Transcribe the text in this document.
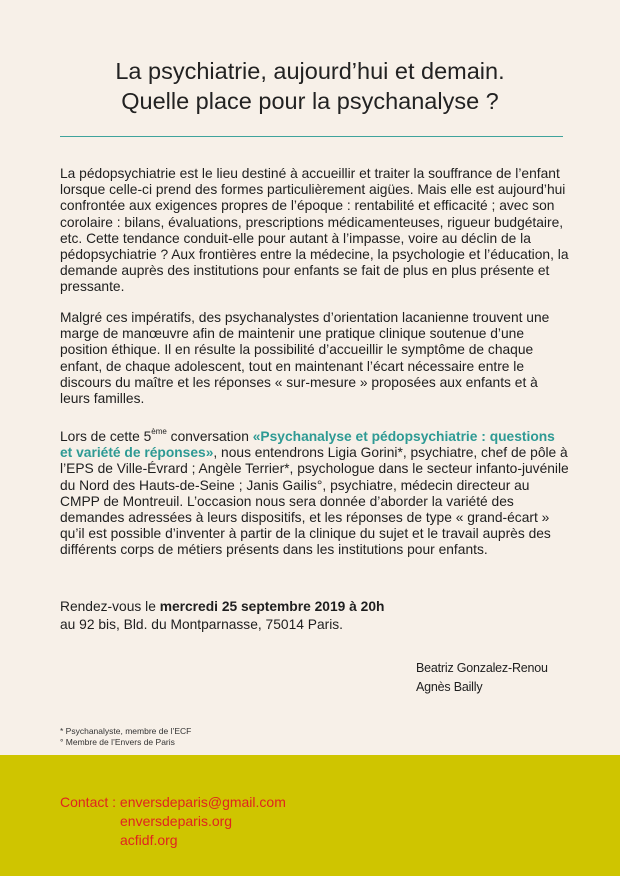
La psychiatrie, aujourd’hui et demain.
Quelle place pour la psychanalyse ?

La pédopsychiatrie est le lieu destiné à accueillir et traiter la souffrance de l’enfant lorsque celle-ci prend des formes particulièrement aigües. Mais elle est aujourd’hui confrontée aux exigences propres de l’époque : rentabilité et efficacité ; avec son corolaire : bilans, évaluations, prescriptions médicamenteuses, rigueur budgétaire, etc. Cette tendance conduit-elle pour autant à l’impasse, voire au déclin de la pédopsychiatrie ? Aux frontières entre la médecine, la psychologie et l’éducation, la demande auprès des institutions pour enfants se fait de plus en plus présente et pressante.

Malgré ces impératifs, des psychanalystes d’orientation lacanienne trouvent une marge de manœuvre afin de maintenir une pratique clinique soutenue d’une position éthique. Il en résulte la possibilité d’accueillir le symptôme de chaque enfant, de chaque adolescent, tout en maintenant l’écart nécessaire entre le discours du maître et les réponses « sur-mesure » proposées aux enfants et à leurs familles.

Lors de cette 5ème conversation «Psychanalyse et pédopsychiatrie : questions et variété de réponses», nous entendrons Ligia Gorini*, psychiatre, chef de pôle à l’EPS de Ville-Évrard ; Angèle Terrier*, psychologue dans le secteur infanto-juvénile du Nord des Hauts-de-Seine ; Janis Gailis°, psychiatre, médecin directeur au CMPP de Montreuil. L’occasion nous sera donnée d’aborder la variété des demandes adressées à leurs dispositifs, et les réponses de type « grand-écart » qu’il est possible d’inventer à partir de la clinique du sujet et le travail auprès des différents corps de métiers présents dans les institutions pour enfants.

Rendez-vous le mercredi 25 septembre 2019 à 20h
au 92 bis, Bld. du Montparnasse, 75014 Paris.
Beatriz Gonzalez-Renou
Agnès Bailly
* Psychanalyste, membre de l’ECF
° Membre de l’Envers de Paris
Contact : enversdeparis@gmail.com
enversdeparis.org
acfidf.org
